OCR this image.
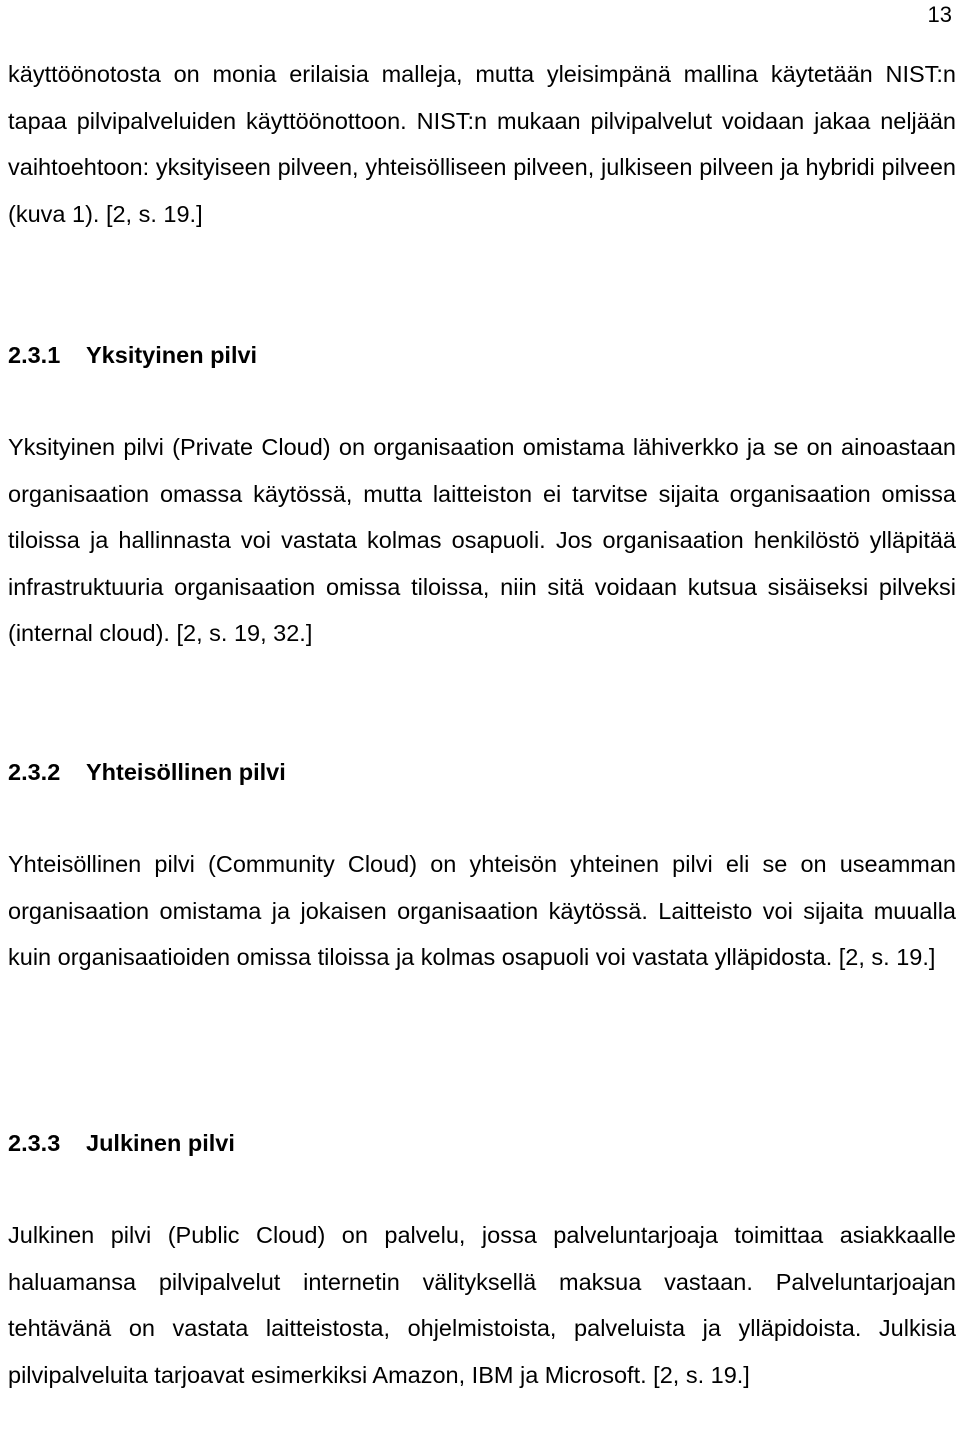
13

käyttöönotosta on monia erilaisia malleja, mutta yleisimpänä mallina käytetään NIST:n tapaa pilvipalveluiden käyttöönottoon. NIST:n mukaan pilvipalvelut voidaan jakaa neljään vaihtoehtoon: yksityiseen pilveen, yhteisölliseen pilveen, julkiseen pilveen ja hybridi pilveen (kuva 1). [2, s. 19.]

2.3.1 Yksityinen pilvi

Yksityinen pilvi (Private Cloud) on organisaation omistama lähiverkko ja se on ainoastaan organisaation omassa käytössä, mutta laitteiston ei tarvitse sijaita organisaation omissa tiloissa ja hallinnasta voi vastata kolmas osapuoli. Jos organisaation henkilöstö ylläpitää infrastruktuuria organisaation omissa tiloissa, niin sitä voidaan kutsua sisäiseksi pilveksi (internal cloud). [2, s. 19, 32.]

2.3.2 Yhteisöllinen pilvi

Yhteisöllinen pilvi (Community Cloud) on yhteisön yhteinen pilvi eli se on useamman organisaation omistama ja jokaisen organisaation käytössä. Laitteisto voi sijaita muualla kuin organisaatioiden omissa tiloissa ja kolmas osapuoli voi vastata ylläpidosta. [2, s. 19.]

2.3.3 Julkinen pilvi

Julkinen pilvi (Public Cloud) on palvelu, jossa palveluntarjoaja toimittaa asiakkaalle haluamansa pilvipalvelut internetin välityksellä maksua vastaan. Palveluntarjoajan tehtävänä on vastata laitteistosta, ohjelmistoista, palveluista ja ylläpidoista. Julkisia pilvipalveluita tarjoavat esimerkiksi Amazon, IBM ja Microsoft. [2, s. 19.]
